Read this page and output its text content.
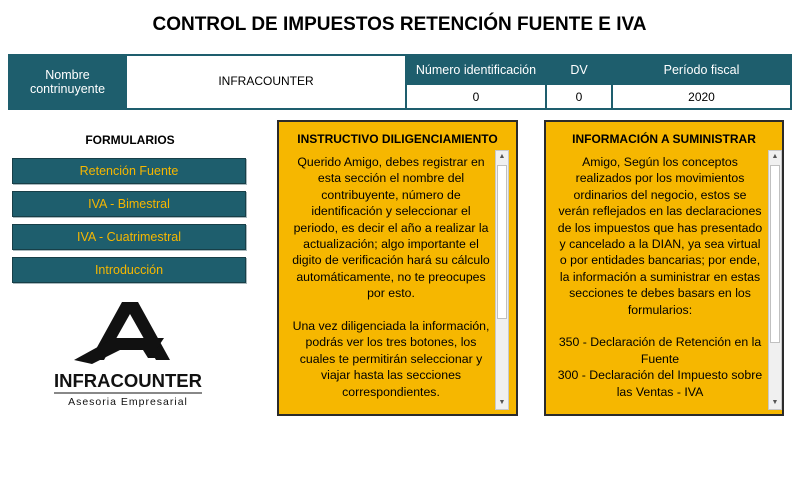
CONTROL DE IMPUESTOS RETENCIÓN FUENTE E IVA
Nombre contrinuyente
INFRACOUNTER
Número identificación	DV	Período fiscal
0	0	2020
FORMULARIOS
Retención Fuente
IVA - Bimestral
IVA - Cuatrimestral
Introducción
INFRACOUNTER
Asesoria Empresarial
INSTRUCTIVO DILIGENCIAMIENTO
Querido Amigo, debes registrar en
esta sección el nombre del
contribuyente, número de
identificación y seleccionar el
periodo, es decir el año a realizar la
actualización; algo importante el
digito de verificación hará su cálculo
automáticamente, no te preocupes
por esto.

Una vez diligenciada la información,
podrás ver los tres botones, los
cuales te permitirán seleccionar y
viajar hasta las secciones
correspondientes.
▲
▼
INFORMACIÓN A SUMINISTRAR
Amigo, Según los conceptos
realizados por los movimientos
ordinarios del negocio, estos se
verán reflejados en las declaraciones
de los impuestos que has presentado
y cancelado a la DIAN, ya sea virtual
o por entidades bancarias; por ende,
la información a suministrar en estas
secciones te debes basars en los
formularios:

350 - Declaración de Retención en la
Fuente
300 - Declaración del Impuesto sobre
las Ventas - IVA
▲
▼
